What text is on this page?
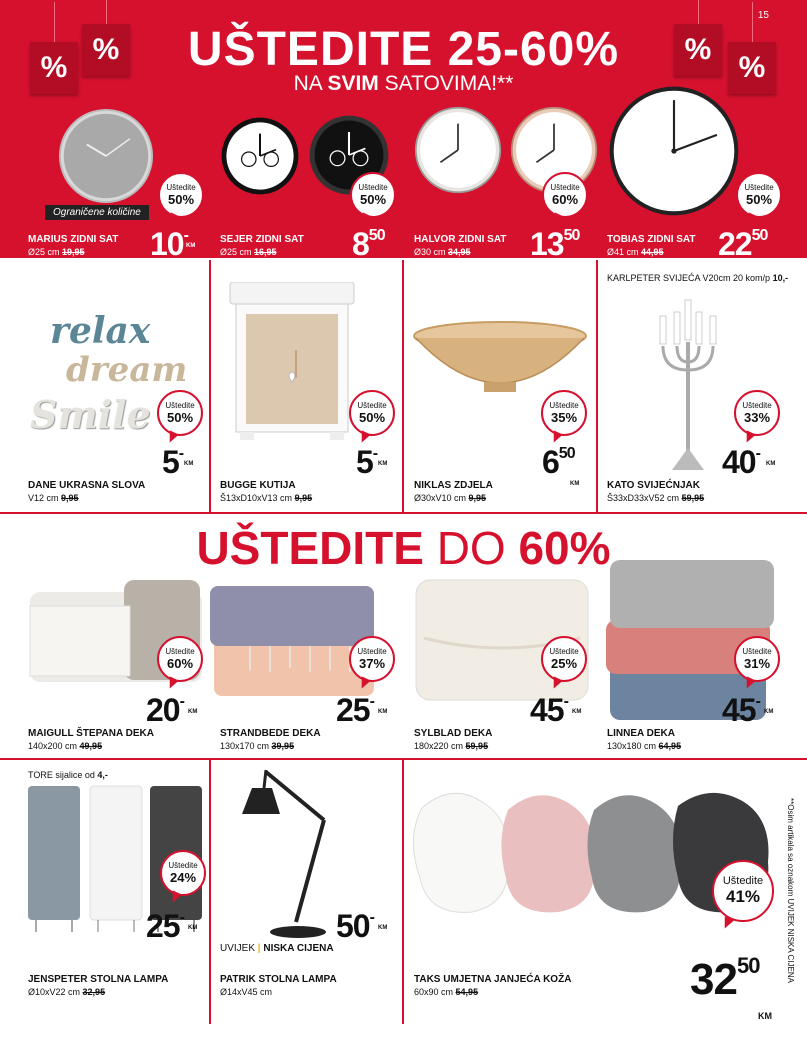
15
%
%	%
%
UŠTEDITE 25-60%
NA SVIM SATOVIMA!**
Ograničene količine
Uštedite
50%
MARIUS ZIDNI SAT
Ø25 cm 19,95 10-
KM
Uštedite
50%
SEJER ZIDNI SAT
Ø25 cm 16,95 $8^{50}$
KM
Uštedite
60%
HALVOR ZIDNI SAT
Ø30 cm 34,95 $13^{50}$
KM
Uštedite
50%
TOBIAS ZIDNI SAT
Ø41 cm 44,95 $22^{50}$
KM
KARLPETER SVIJEĆA V20cm 20 kom/p 10,-
relax
dream
Smile Uštedite
50%
DANE UKRASNA SLOVA
V12 cm 9,95
5-
KM
Uštedite
50%
BUGGE KUTIJA
Š13xD10xV13 cm 9,95
5-
KM
Uštedite
35%
NIKLAS ZDJELA
Ø30xV10 cm 9,95
$6^{50}$
KM
Uštedite
33%
KATO SVIJEĆNJAK
Š33xD33xV52 cm 59,95
40-
KM
UŠTEDITE DO 60%
Uštedite
60%
MAIGULL ŠTEPANA DEKA
140x200 cm 49,95
20-
KM
Uštedite
37%
STRANDBEDE DEKA
130x170 cm 39,95
25-
KM
Uštedite
25%
SYLBLAD DEKA
180x220 cm 59,95
45-
KM
Uštedite
31%
LINNEA DEKA
130x180 cm 64,95
45-
KM
TORE sijalice od 4,-
UVIJEK | NISKA CIJENA
Uštedite
24%
JENSPETER STOLNA LAMPA
Ø10xV22 cm 32,95
25-
KM
PATRIK STOLNA LAMPA
Ø14xV45 cm
50-
KM
Uštedite
41%
TAKS UMJETNA JANJEĆA KOŽA
60x90 cm 54,95	$32^{50}$
KM
**Osim artikala sa oznakom UVIJEK NISKA CIJENA
